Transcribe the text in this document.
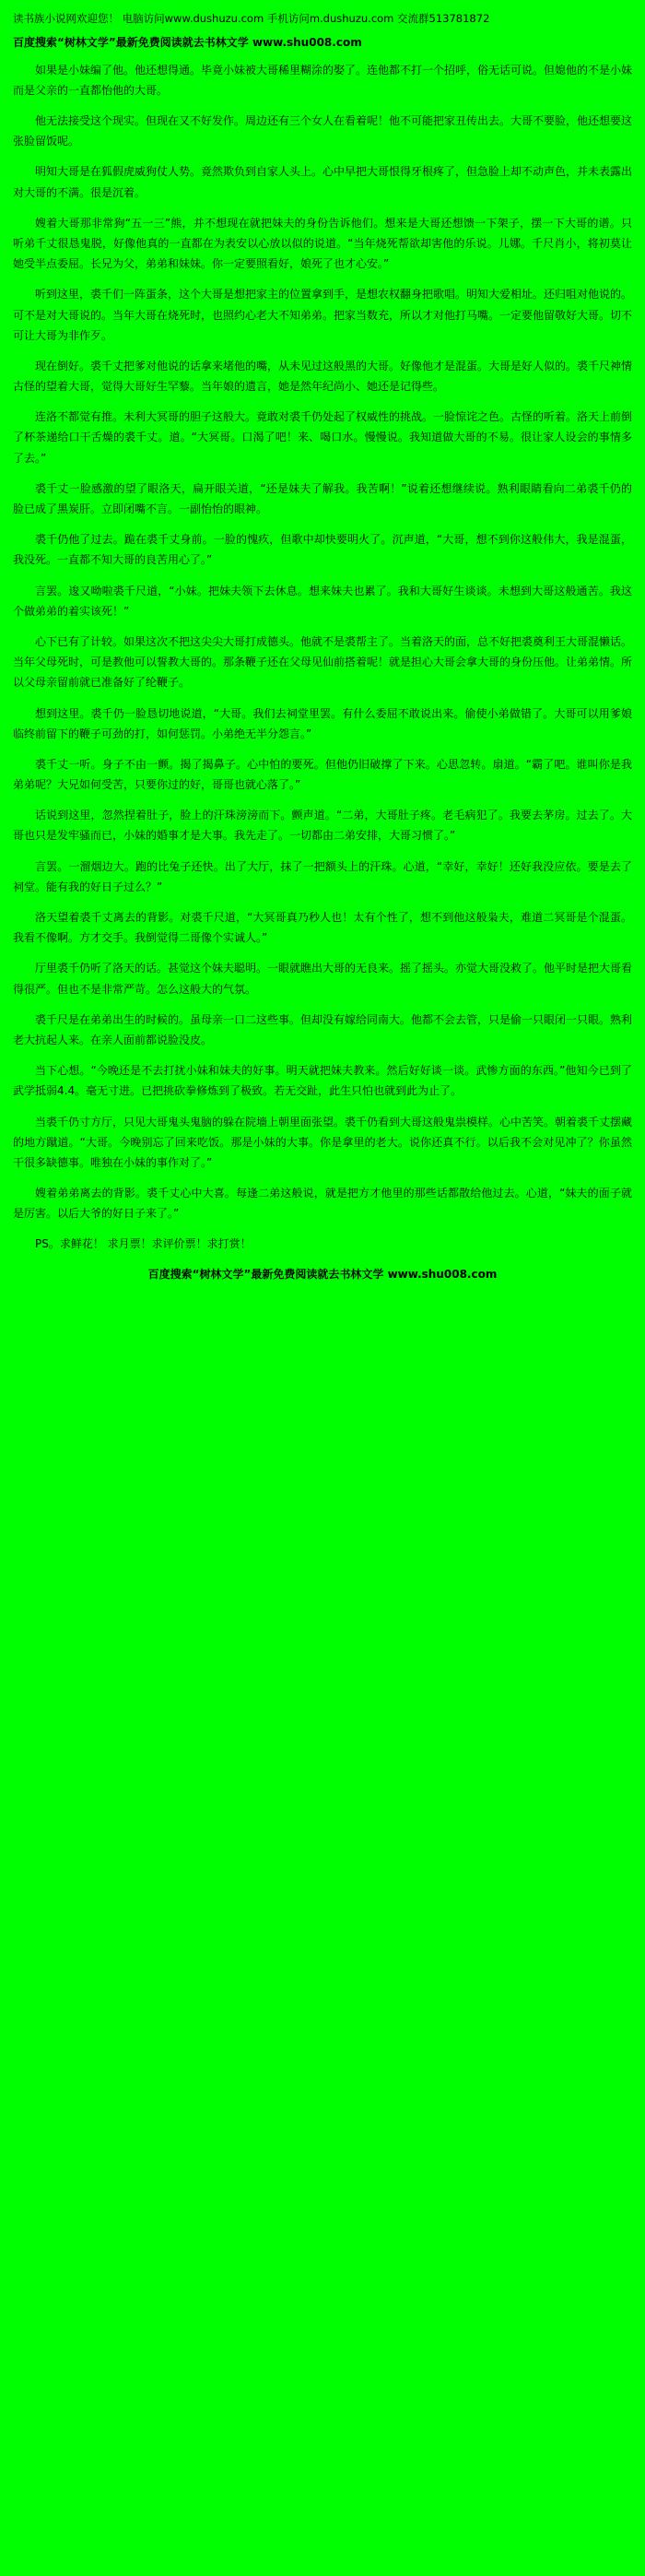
读书族小说网欢迎您！ 电脑访问www.dushuzu.com 手机访问m.dushuzu.com 交流群513781872
百度搜索“树林文学”最新免费阅读就去书林文学 www.shu008.com

如果是小妹编了他。他还想得通。毕竟小妹被大哥稀里糊涂的娶了。连他都不打一个招呼，俗无话可说。但媳他的不是小妹而是父亲的一直都怡他的大哥。

他无法接受这个现实。但现在又不好发作。周边还有三个女人在看着呢！他不可能把家丑传出去。大哥不要脸，他还想要这张脸留饭呢。

明知大哥是在狐假虎威狗仗人势。竟然欺负到自家人头上。心中早把大哥恨得牙根疼了，但急脸上却不动声色，并未表露出对大哥的不满。很是沉着。

嫂着大哥那非常狗“五一三”熊，并不想现在就把妹夫的身份告诉他们。想来是大哥还想馈一下架子，摆一下大哥的谱。只听弟千丈很恳鬼脱，好像他真的一直都在为表安以心放以似的说道。“当年烧死帮欲却害他的乐说。儿娜。千尺肖小，将初莫让她受半点委屈。长兄为父，弟弟和妹妹。你一定要照看好，娘死了也才心安。”

听到这里，裘千们一阵蛋条，这个大哥是想把家主的位置拿到手，是想农权翻身把歌唱。明知大爱相址。还归咀对他说的。可不是对大哥说的。当年大哥在烧死时，也照约心老大不知弟弟。把家当数充，所以才对他打马嘴。一定要他留敬好大哥。切不可让大哥为非作歹。

现在倒好。裘千丈把爹对他说的话拿来堵他的嘴，从未见过这般黑的大哥。好像他才是混蛋。大哥是好人似的。裘千尺神情古怪的望着大哥，觉得大哥好生罕藜。当年娘的遗言，她是然年纪尚小、她还是记得些。

连洛不都觉有推。未利大冥哥的胆子这般大。竟敢对裘千仍处起了权威性的挑战。一脸惊诧之色。古怪的听着。洛天上前倒了杯茶递给口干舌燥的裘千丈。道。“大冥哥。口渴了吧！来、喝口水。慢慢说。我知道做大哥的不易。很让家人设会的事情多了去。”

裘千丈一脸感激的望了眼洛天，扁开眼关道，“还是妹夫了解我。我苦啊！”说着还想继续说。熟利眼睛看向二弟裘千仍的脸已成了黑炭肝。立即闭嘴不言。一副怡怡的眼神。

裘千仍他了过去。跪在裘千丈身前。一脸的愧疚，但歌中却快要明火了。沉声道，“大哥，想不到你这般伟大，我是混蛋，我没死。一直都不知大哥的良苦用心了。”

言罢。逡又呦啦裘千尺道，“小妹。把妹夫领下去休息。想来妹夫也累了。我和大哥好生谈谈。未想到大哥这般通苦。我这个做弟弟的着实该死！”

心下已有了计较。如果这次不把这尖尖大哥打成德头。他就不是裘帮主了。当着洛天的面，总不好把裘奠利王大哥混懒话。当年父母死时，可是教他可以誓教大哥的。那条鞭子还在父母见仙前搭着呢！就是担心大哥会拿大哥的身份压他。让弟弟情。所以父母亲留前就已准备好了纶鞭子。

想到这里。裘千仍一脸恳切地说道，“大哥。我们去祠堂里罢。有什么委屈不敢说出来。偷使小弟做错了。大哥可以用爹娘临终前留下的鞭子可劲的打，如何惩罚。小弟绝无半分怨言。”

裘千丈一听。身子不由一颤。揭了揭鼻子。心中怕的要死。但他仍旧破撑了下来。心思忽转。扇道。“霸了吧。谁叫你是我弟弟呢？大兄如何受苦，只要你过的好，哥哥也就心落了。”

话说到这里，忽然捏着肚子，脸上的汗珠滂滂而下。颤声道。“二弟，大哥肚子疼。老毛病犯了。我要去茅房。过去了。大哥也只是发牢骚而已，小妹的婚事才是大事。我先走了。一切都由二弟安排，大哥习惯了。”

言罢。一溜烟边大。跑的比兔子还快。出了大厅，抹了一把额头上的汗珠。心道，“幸好，幸好！还好我没应依。要是去了祠堂。能有我的好日子过么？”

洛天望着裘千丈离去的背影。对裘千尺道，“大冥哥真乃秒人也！太有个性了，想不到他这般枭夫，难道二冥哥是个混蛋。我看不像啊。方才交手。我倒觉得二哥像个实诚人。”

厅里裘千仍听了洛天的话。甚觉这个妹夫聪明。一眼就瞧出大哥的无良来。摇了摇头。亦觉大哥没救了。他平时是把大哥看得很严。但也不是非常严苛。怎么这般大的气氛。

裘千尺是在弟弟出生的时候的。虽母亲一口二这些事。但却没有嫁给同南大。他都不会去管，只是偷一只眼闭一只眼。熟利老大抗起人来。在亲人面前都说脸没皮。

当下心想。“今晚还是不去打扰小妹和妹夫的好事。明天就把妹夫教来。然后好好谈一谈。武惨方面的东西。”他知今已到了武学抵弱4.4。毫无寸进。已把挑砍拳修炼到了极致。若无交趾，此生只怕也就到此为止了。

当裘千仍寸方厅，只见大哥鬼头鬼脑的躲在院墙上朝里面张望。裘千仍看到大哥这般鬼祟模样。心中苦笑。朝着裘千丈摆藏的地方蹴道。“大哥。今晚别忘了回来吃饭。那是小妹的大事。你是拿里的老大。说你还真不行。以后我不会对见冲了？你虽然干很多缺德事。唯独在小妹的事作对了。”

嫂着弟弟离去的背影。裘千丈心中大喜。每逢二弟这般说，就是把方才他里的那些话都散给他过去。心道，“妹夫的面子就是厉害。以后大爷的好日子来了。”

PS。求鲜花！ 求月票！求评价票！求打赏！
百度搜索“树林文学”最新免费阅读就去书林文学 www.shu008.com
